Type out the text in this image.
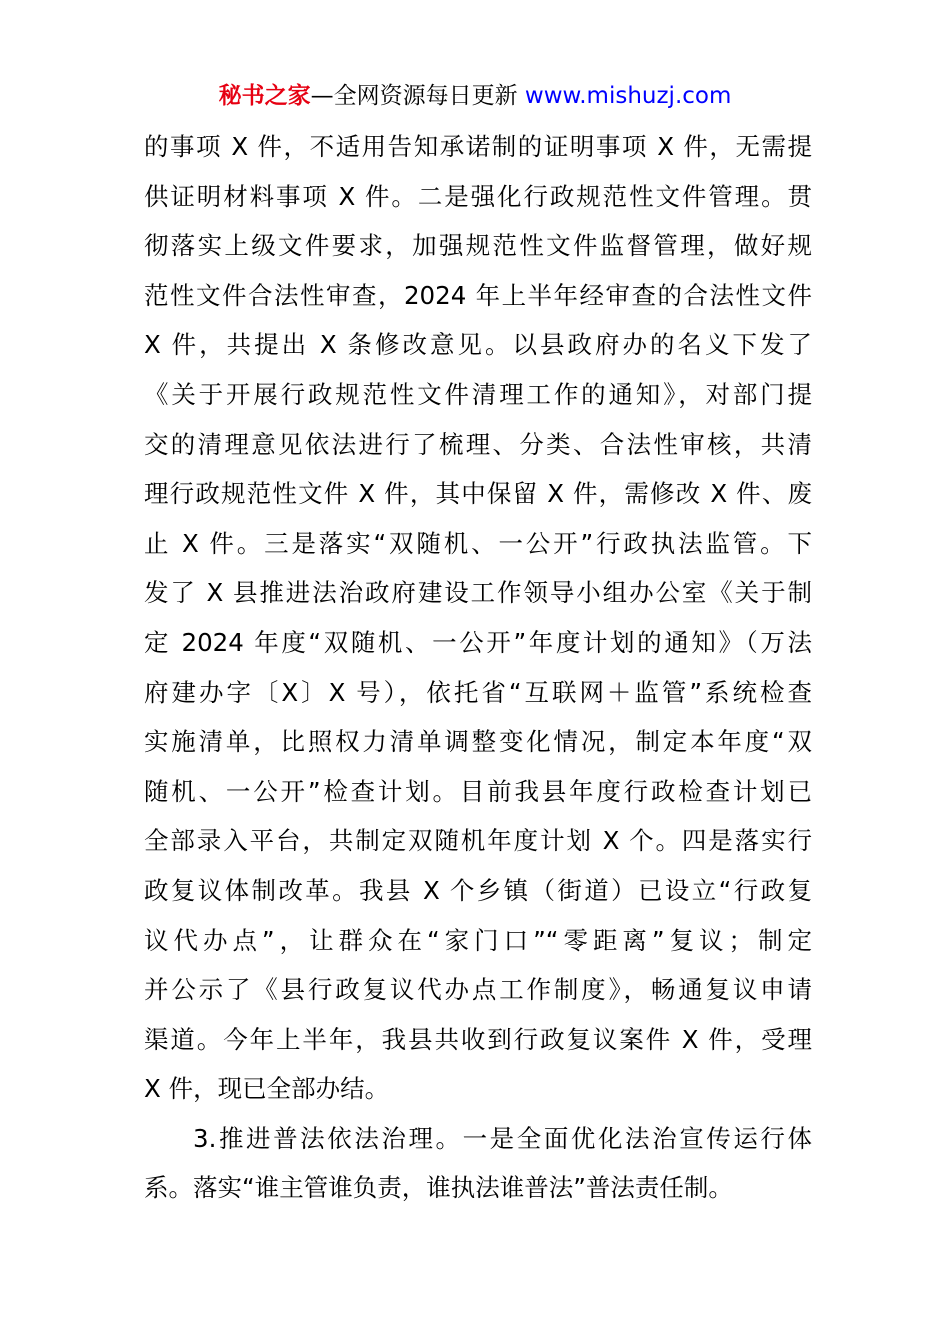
秘书之家—全网资源每日更新 www.mishuzj.com
的事项 X 件，不适用告知承诺制的证明事项 X 件，无需提
供证明材料事项 X 件。二是强化行政规范性文件管理。贯
彻落实上级文件要求，加强规范性文件监督管理，做好规
范性文件合法性审查，2024 年上半年经审查的合法性文件
X 件，共提出 X 条修改意见。以县政府办的名义下发了
《关于开展行政规范性文件清理工作的通知》，对部门提
交的清理意见依法进行了梳理、分类、合法性审核，共清
理行政规范性文件 X 件，其中保留 X 件，需修改 X 件、废
止 X 件。三是落实“双随机、一公开”行政执法监管。下
发了 X 县推进法治政府建设工作领导小组办公室《关于制
定 2024 年度“双随机、一公开”年度计划的通知》（万法
府建办字〔X〕X 号），依托省“互联网＋监管”系统检查
实施清单，比照权力清单调整变化情况，制定本年度“双
随机、一公开”检查计划。目前我县年度行政检查计划已
全部录入平台，共制定双随机年度计划 X 个。四是落实行
政复议体制改革。我县 X 个乡镇（街道）已设立“行政复
议代办点”，让群众在“家门口”“零距离”复议；制定
并公示了《县行政复议代办点工作制度》，畅通复议申请
渠道。今年上半年，我县共收到行政复议案件 X 件，受理
X 件，现已全部办结。
3.推进普法依法治理。一是全面优化法治宣传运行体
系。落实“谁主管谁负责，谁执法谁普法”普法责任制。
